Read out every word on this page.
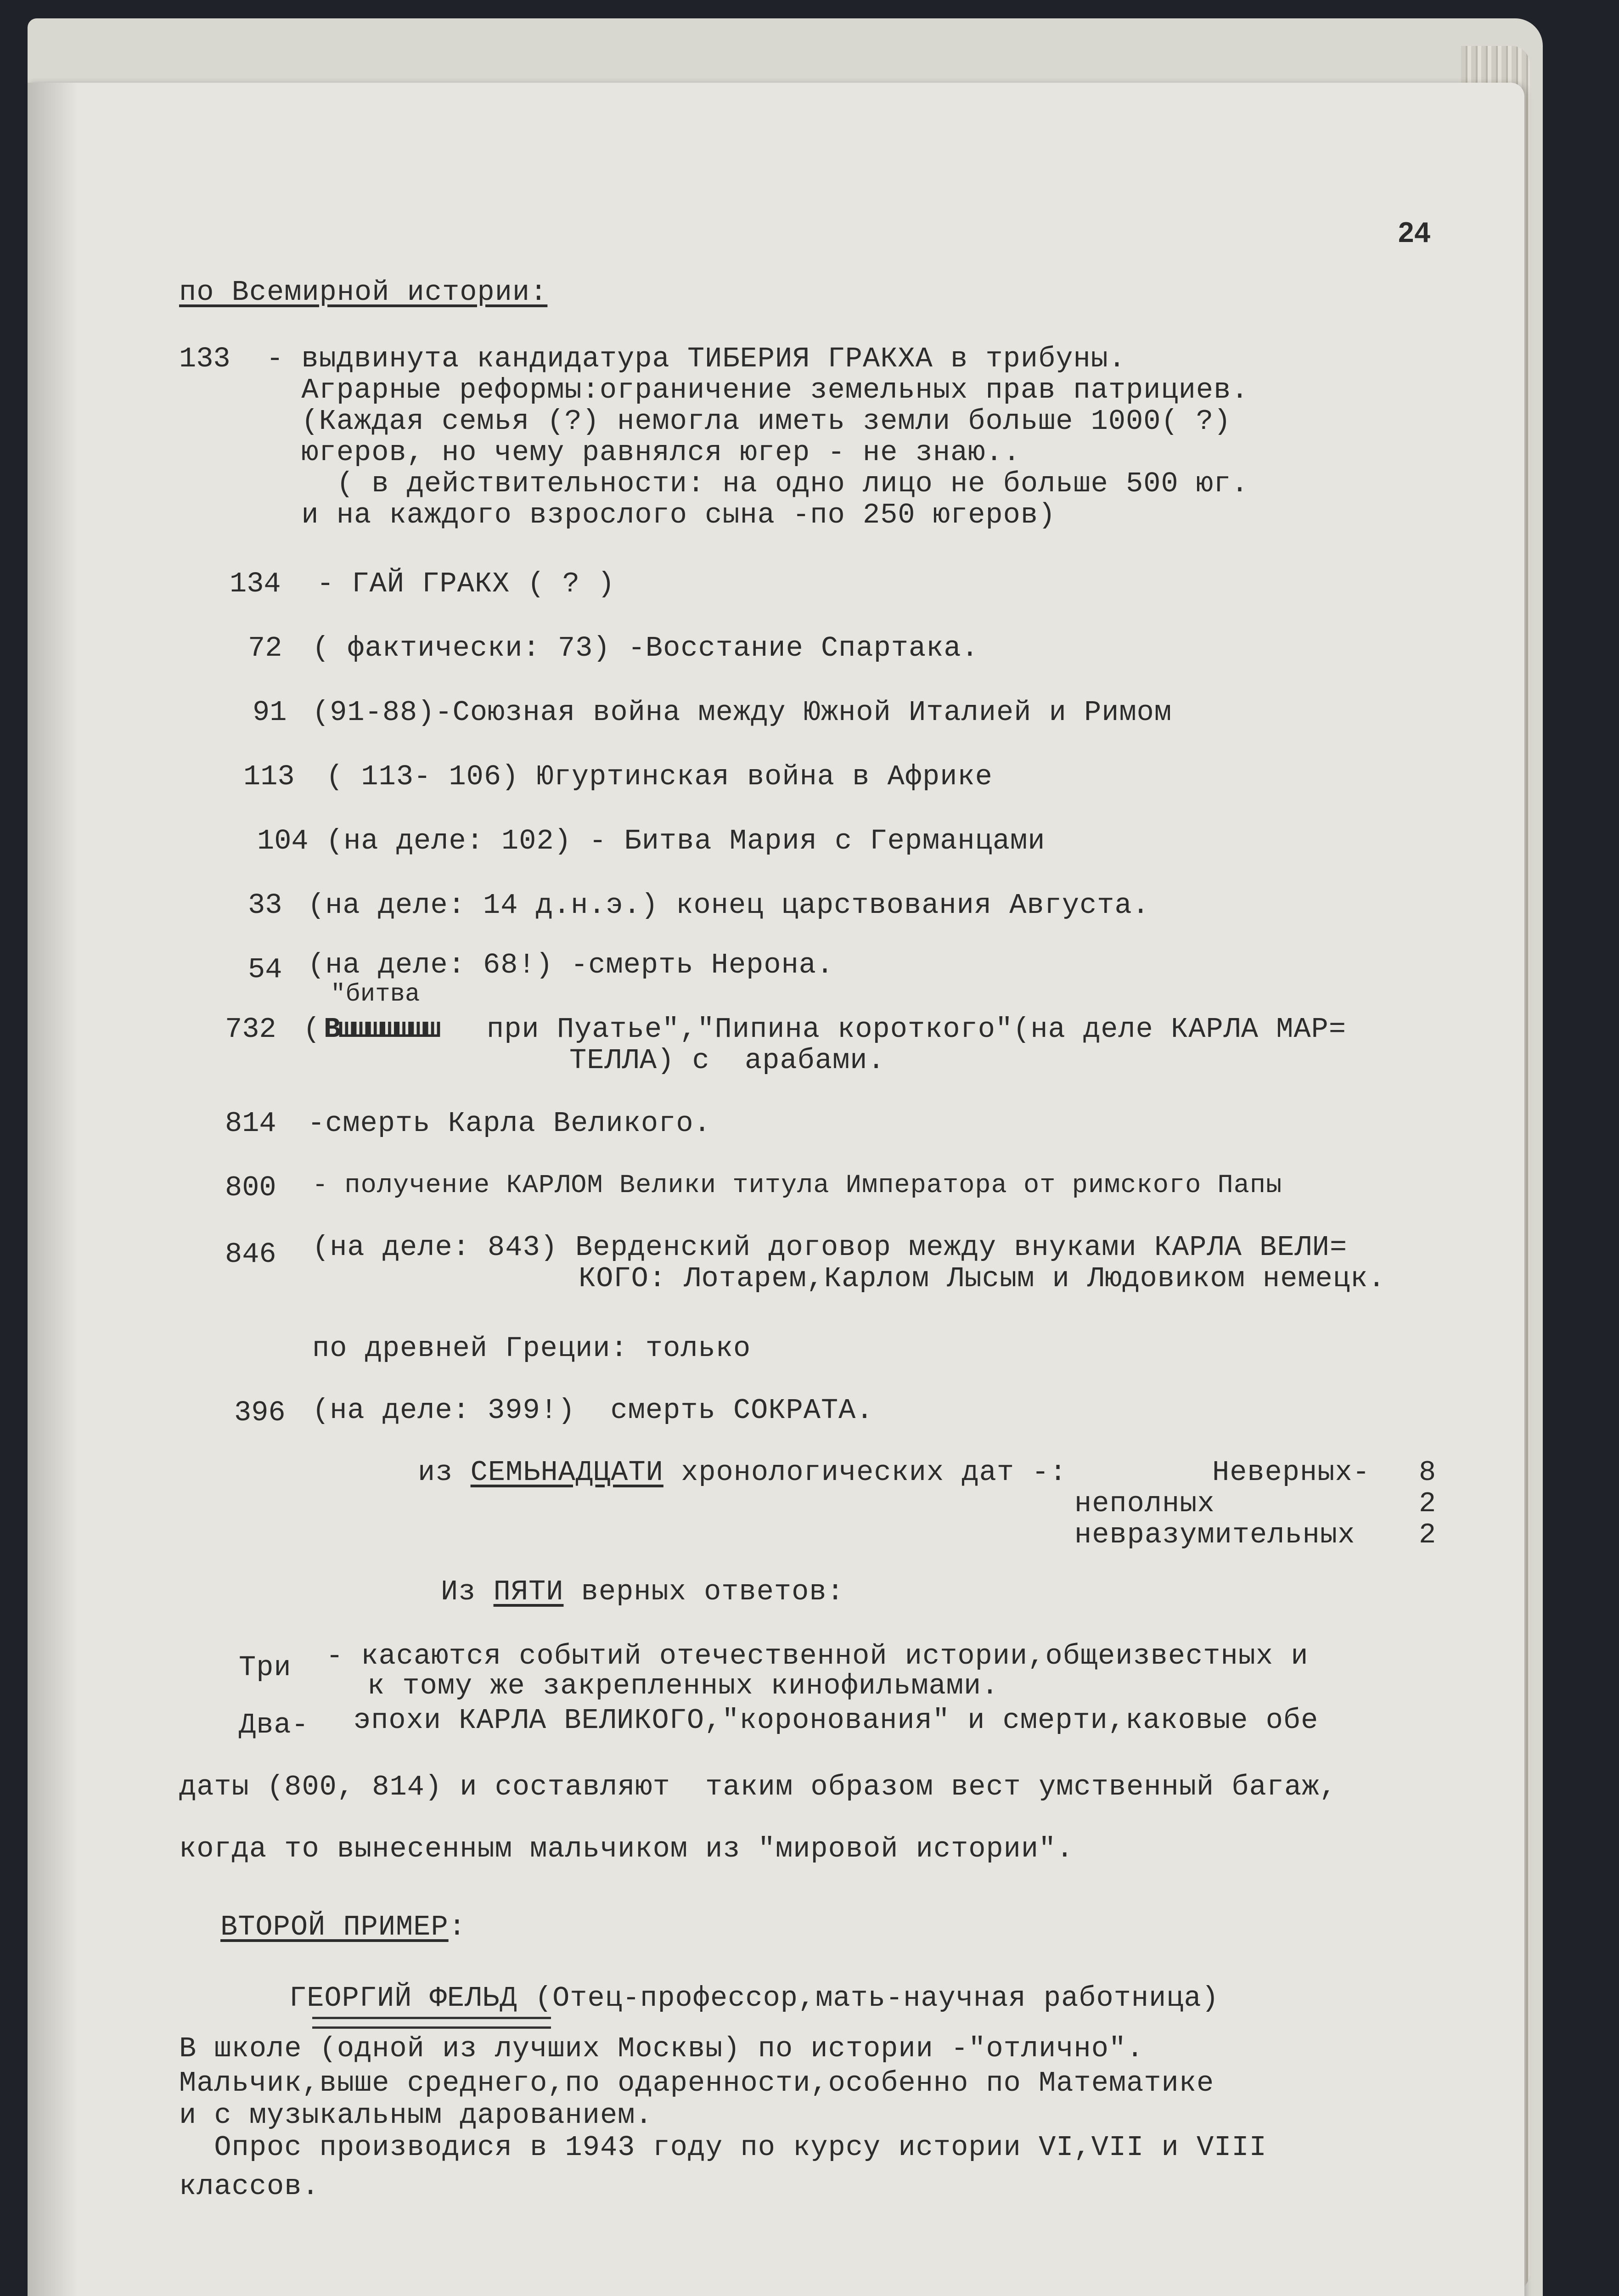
24
по Всемирной истории:
133 - выдвинута кандидатура ТИБЕРИЯ ГРАКХА в трибуны.
Аграрные реформы:ограничение земельных прав патрициев.
(Каждая семья (?) немогла иметь земли больше 1000( ?)
югеров, но чему равнялся югер - не знаю..
( в действительности: на одно лицо не больше 500 юг.
и на каждого взрослого сына -по 250 югеров)
134 - ГАЙ ГРАКХ ( ? )
72 ( фактически: 73) -Восстание Спартака.
91 (91-88)-Союзная война между Южной Италией и Римом
113 ( 113- 106) Югуртинская война в Африке
104 (на деле: 102) - Битва Мария с Германцами
33 (на деле: 14 д.н.э.) конец царствования Августа.
54 (на деле: 68!) -смерть Нерона.
"битва
732 ( Вшшшшшшш при Пуатье","Пипина короткого"(на деле КАРЛА МАР=
ТЕЛЛА) с  арабами.
814 -смерть Карла Великого.
800 - получение КАРЛОМ Велики титула Императора от римского Папы
846 (на деле: 843) Верденский договор между внуками КАРЛА ВЕЛИ=
КОГО: Лотарем,Карлом Лысым и Людовиком немецк.
по древней Греции: только
396 (на деле: 399!)  смерть СОКРАТА.
из СЕМЬНАДЦАТИ хронологических дат -:	Неверных- 8
неполных	2
невразумительных 2
Из ПЯТИ верных ответов:
Три - касаются событий отечественной истории,общеизвестных и
к тому же закрепленных кинофильмами.
Два- эпохи КАРЛА ВЕЛИКОГО,"коронования" и смерти,каковые обе
даты (800, 814) и составляют  таким образом вест умственный багаж,
когда то вынесенным мальчиком из "мировой истории".
ВТОРОЙ ПРИМЕР:
ГЕОРГИЙ ФЕЛЬД (Отец-профессор,мать-научная работница)
В школе (одной из лучших Москвы) по истории -"отлично".
Мальчик,выше среднего,по одаренности,особенно по Математике
и с музыкальным дарованием.
Опрос производися в 1943 году по курсу истории VI,VII и VIII
классов.
